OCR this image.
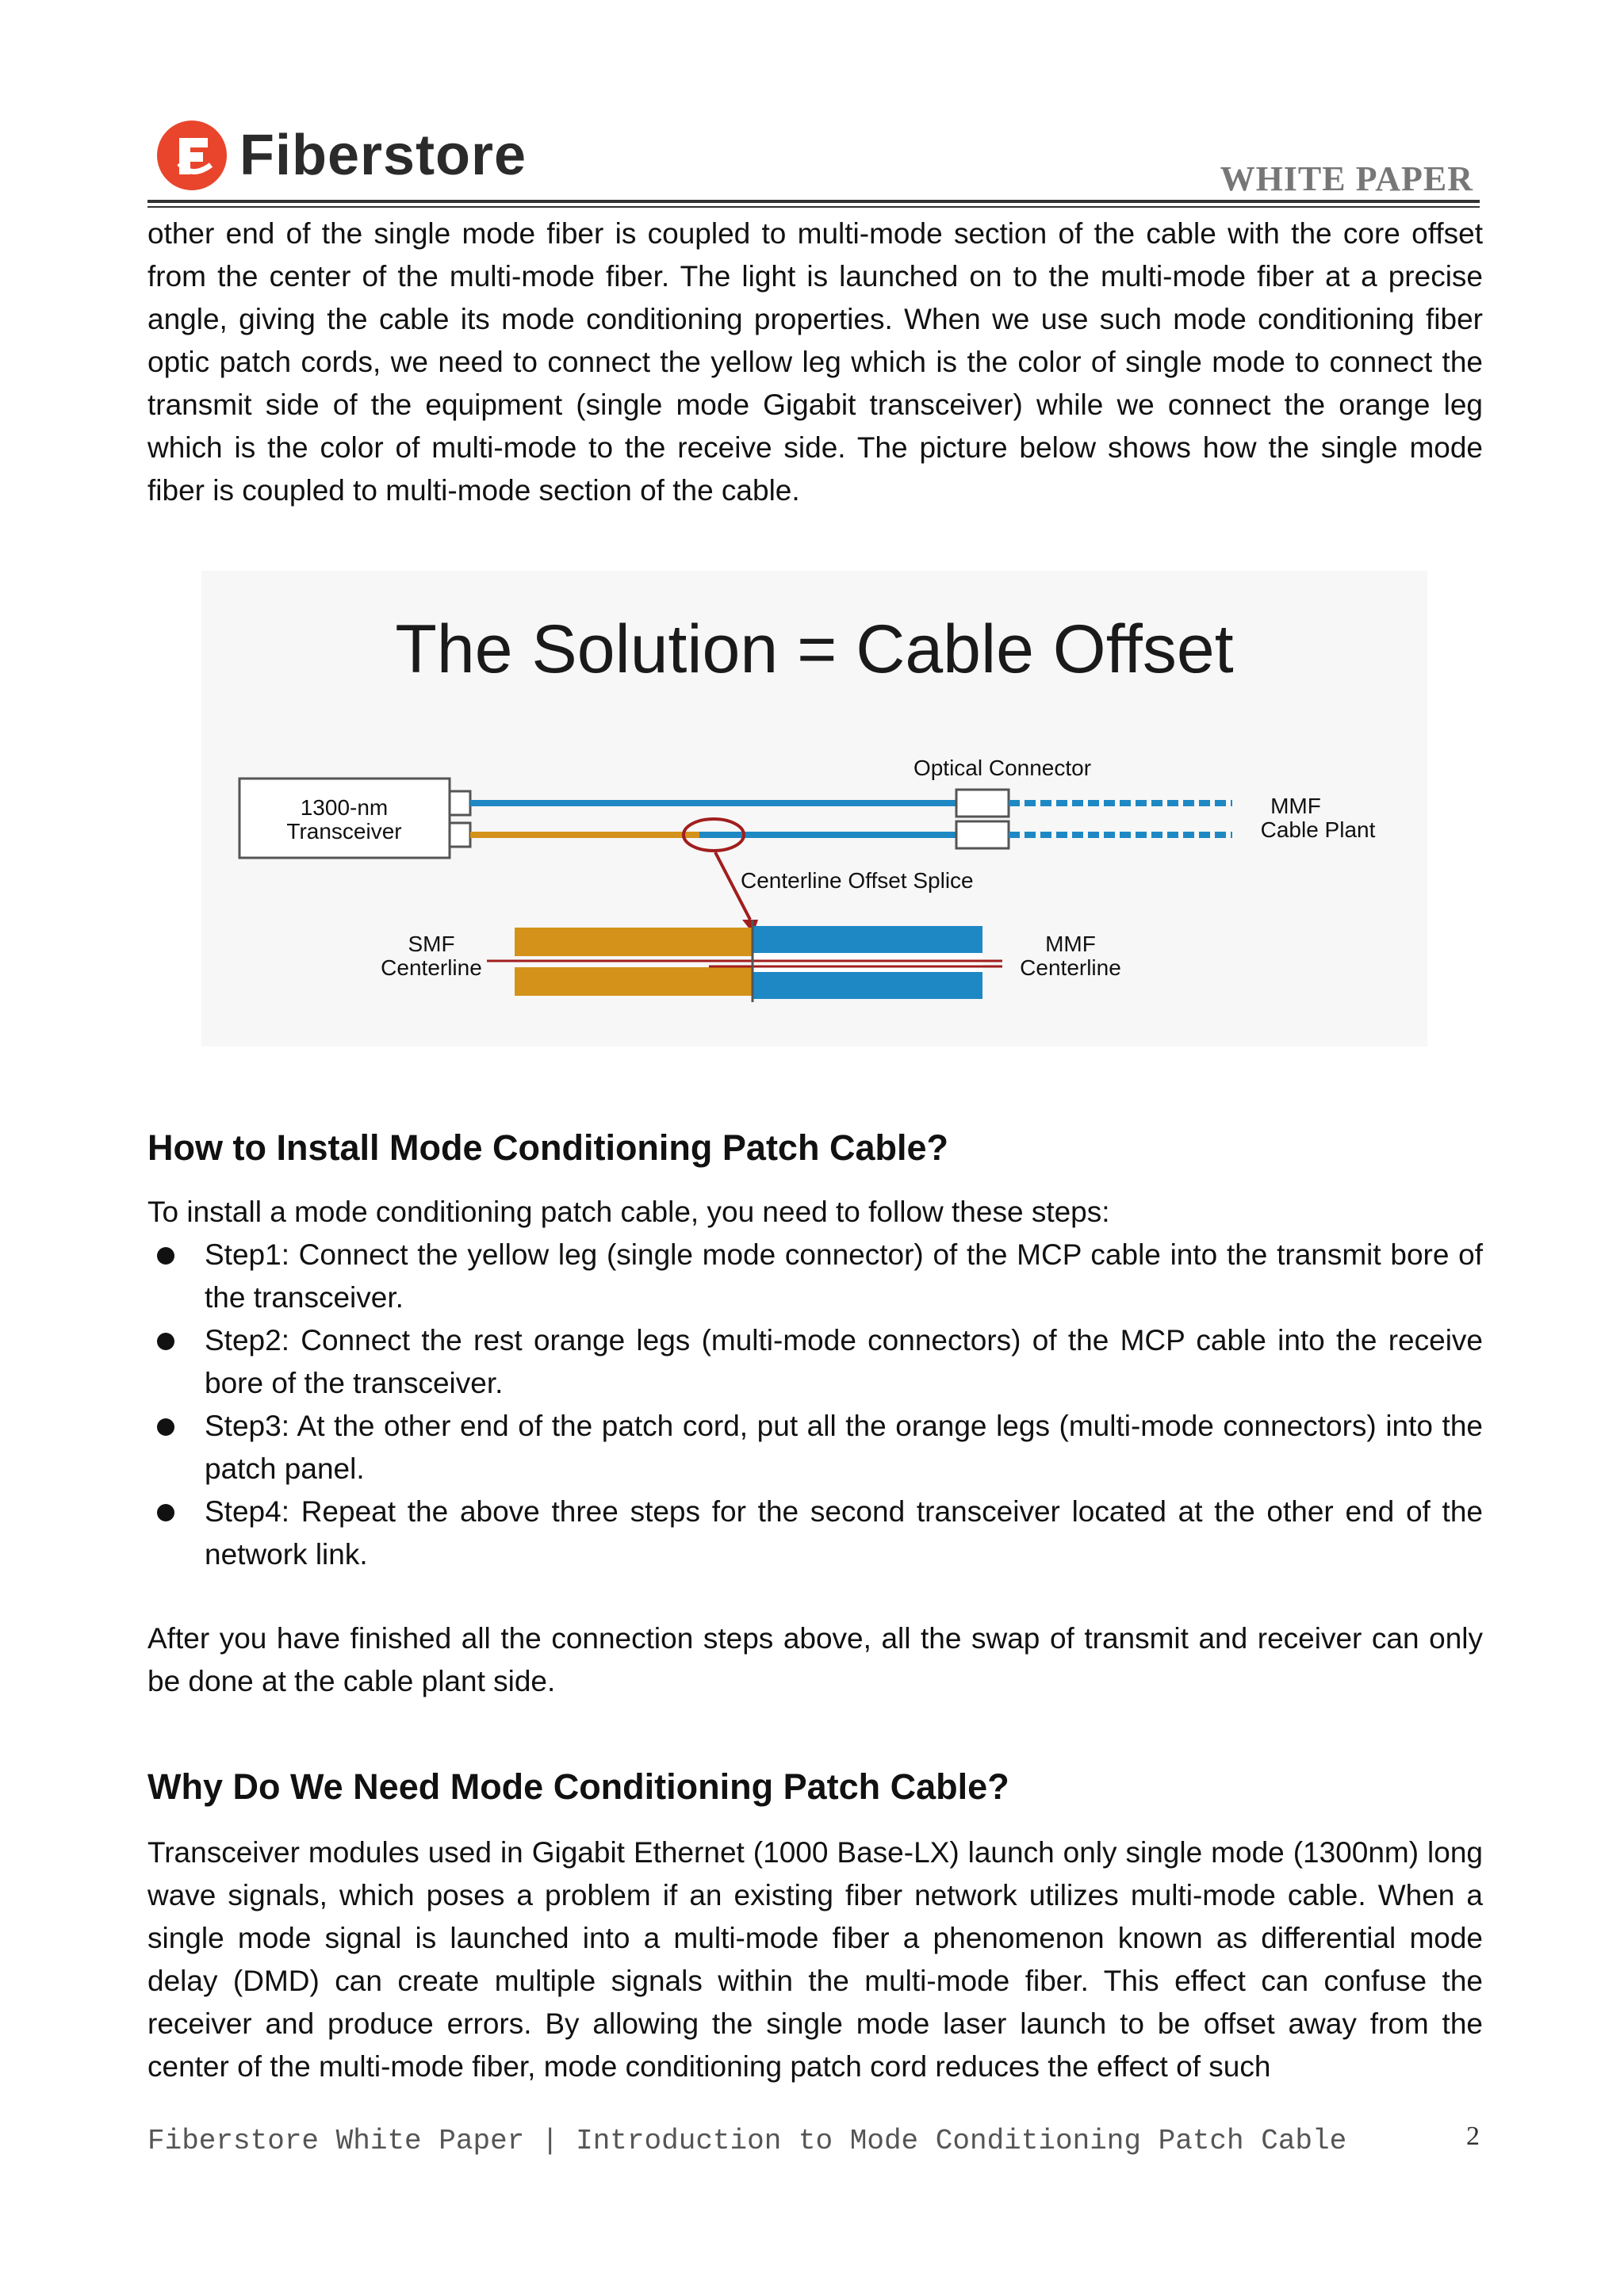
Fiberstore	WHITE PAPER
other end of the single mode fiber is coupled to multi-mode section of the cable with the core offset from the center of the multi-mode fiber. The light is launched on to the multi-mode fiber at a precise angle, giving the cable its mode conditioning properties. When we use such mode conditioning fiber optic patch cords, we need to connect the yellow leg which is the color of single mode to connect the transmit side of the equipment (single mode Gigabit transceiver) while we connect the orange leg which is the color of multi-mode to the receive side. The picture below shows how the single mode fiber is coupled to multi-mode section of the cable.
The Solution = Cable Offset
1300-nm
Transceiver
Optical Connector
MMF
Cable Plant
Centerline Offset Splice
SMF
Centerline
MMF
Centerline
How to Install Mode Conditioning Patch Cable?
To install a mode conditioning patch cable, you need to follow these steps:
Step1: Connect the yellow leg (single mode connector) of the MCP cable into the transmit bore of the transceiver.
Step2: Connect the rest orange legs (multi-mode connectors) of the MCP cable into the receive bore of the transceiver.
Step3: At the other end of the patch cord, put all the orange legs (multi-mode connectors) into the patch panel.
Step4: Repeat the above three steps for the second transceiver located at the other end of the network link.
After you have finished all the connection steps above, all the swap of transmit and receiver can only be done at the cable plant side.
Why Do We Need Mode Conditioning Patch Cable?
Transceiver modules used in Gigabit Ethernet (1000 Base-LX) launch only single mode (1300nm) long wave signals, which poses a problem if an existing fiber network utilizes multi-mode cable. When a single mode signal is launched into a multi-mode fiber a phenomenon known as differential mode delay (DMD) can create multiple signals within the multi-mode fiber. This effect can confuse the receiver and produce errors. By allowing the single mode laser launch to be offset away from the center of the multi-mode fiber, mode conditioning patch cord reduces the effect of such
Fiberstore White Paper | Introduction to Mode Conditioning Patch Cable	2
